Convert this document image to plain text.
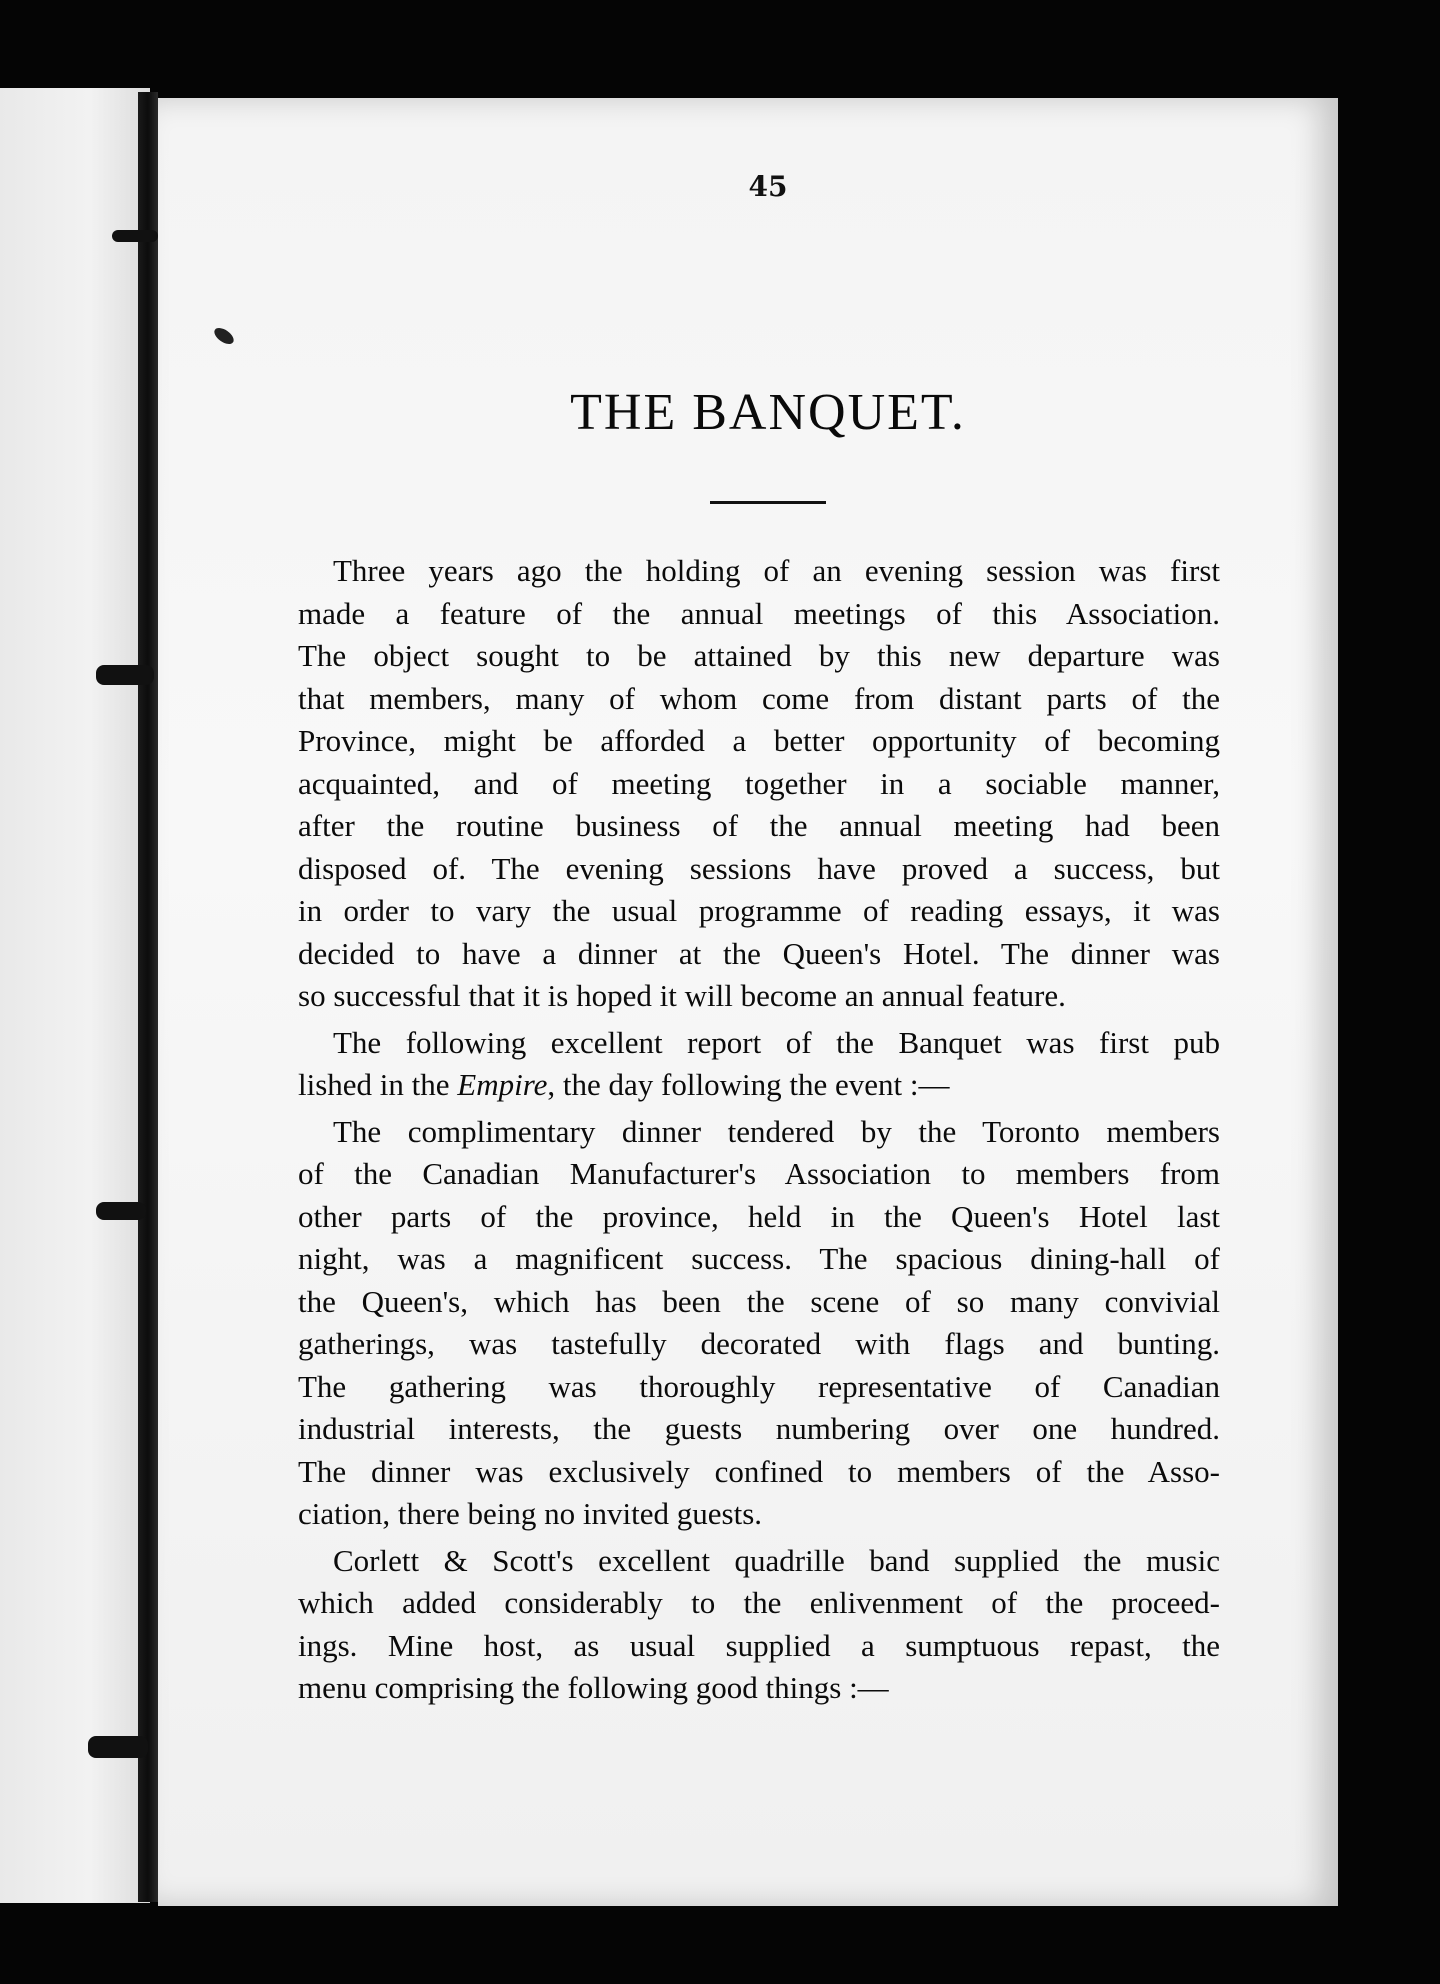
45
THE BANQUET.

Three years ago the holding of an evening session was first
made a feature of the annual meetings of this Association.
The object sought to be attained by this new departure was
that members, many of whom come from distant parts of the
Province, might be afforded a better opportunity of becoming
acquainted, and of meeting together in a sociable manner,
after the routine business of the annual meeting had been
disposed of. The evening sessions have proved a success, but
in order to vary the usual programme of reading essays, it was
decided to have a dinner at the Queen's Hotel. The dinner was
so successful that it is hoped it will become an annual feature.

The following excellent report of the Banquet was first pub
lished in the Empire, the day following the event :—

The complimentary dinner tendered by the Toronto members
of the Canadian Manufacturer's Association to members from
other parts of the province, held in the Queen's Hotel last
night, was a magnificent success. The spacious dining-hall of
the Queen's, which has been the scene of so many convivial
gatherings, was tastefully decorated with flags and bunting.
The gathering was thoroughly representative of Canadian
industrial interests, the guests numbering over one hundred.
The dinner was exclusively confined to members of the Asso-
ciation, there being no invited guests.

Corlett & Scott's excellent quadrille band supplied the music
which added considerably to the enlivenment of the proceed-
ings. Mine host, as usual supplied a sumptuous repast, the
menu comprising the following good things :—
